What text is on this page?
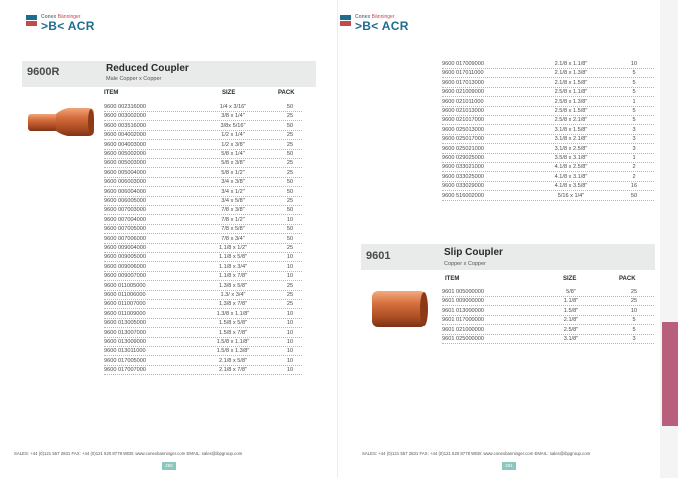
Conex Bänninger
>B< ACR
9600R	Reduced Coupler
Male Copper x Copper
ITEM	SIZE	PACK
9600 002316000	1/4 x 3/16"	50
9600 003002000	3/8 x 1/4"	25
9600 003516000	3/8x 5/16"	50
9600 004002000	1/2 x 1/4"	25
9600 004003000	1/2 x 3/8"	25
9600 005002000	5/8 x 1/4"	50
9600 005003000	5/8 x 3/8"	25
9600 005004000	5/8 x 1/2"	25
9600 006003000	3/4 x 3/8"	50
9600 006004000	3/4 x 1/2"	50
9600 006005000	3/4 x 5/8"	25
9600 007003000	7/8 x 3/8"	50
9600 007004000	7/8 x 1/2"	10
9600 007005000	7/8 x 5/8"	50
9600 007006000	7/8 x 3/4"	50
9600 009004000	1.1/8 x 1/2"	25
9600 009005000	1.1/8 x 5/8"	10
9600 009006000	1.1/8 x 3/4"	10
9600 009007000	1.1/8 x 7/8"	10
9600 011005000	1.3/8 x 5/8"	25
9600 011006000	1.3/ x 3/4"	25
9600 011007000	1.3/8 x 7/8"	25
9600 011009000	1.3/8 x 1.1/8"	10
9600 013005000	1.5/8 x 5/8"	10
9600 013007000	1.5/8 x 7/8"	10
9600 013009000	1.5/8 x 1.1/8"	10
9600 013011000	1.5/8 x 1.3/8"	10
9600 017005000	2.1/8 x 5/8"	10
9600 017007000	2.1/8 x 7/8"	10
SALES: +44 (0)121 557 2831 FAX: +44 (0)121 520 8778 WEB: www.conexbanninger.com EMAIL: sales@ibpgroup.com
260
Conex Bänninger
>B< ACR
9600 017009000	2.1/8 x 1.1/8"	10
9600 017011000	2.1/8 x 1.3/8"	5
9600 017013000	2.1/8 x 1.5/8"	5
9600 021009000	2.5/8 x 1.1/8"	5
9600 021011000	2.5/8 x 1.3/8"	1
9600 021013000	2.5/8 x 1.5/8"	5
9600 021017000	2.5/8 x 2.1/8"	5
9600 025013000	3.1/8 x 1.5/8"	3
9600 025017000	3.1/8 x 2.1/8"	3
9600 025021000	3.1/8 x 2.5/8"	3
9600 029025000	3.5/8 x 3.1/8"	1
9600 033021000	4.1/8 x 2.5/8"	2
9600 033025000	4.1/8 x 3.1/8"	2
9600 033029000	4.1/8 x 3.5/8"	16
9600 516002000	5/16 x 1/4"	50
9601	Slip Coupler
Copper x Copper
ITEM	SIZE	PACK
9601 005000000	5/8"	25
9601 009000000	1.1/8"	25
9601 013000000	1.5/8"	10
9601 017000000	2.1/8"	5
9601 021000000	2.5/8"	5
9601 025000000	3.1/8"	3
SALES: +44 (0)121 557 2831 FAX: +44 (0)121 520 8778 WEB: www.conexbanninger.com EMAIL: sales@ibpgroup.com
261
